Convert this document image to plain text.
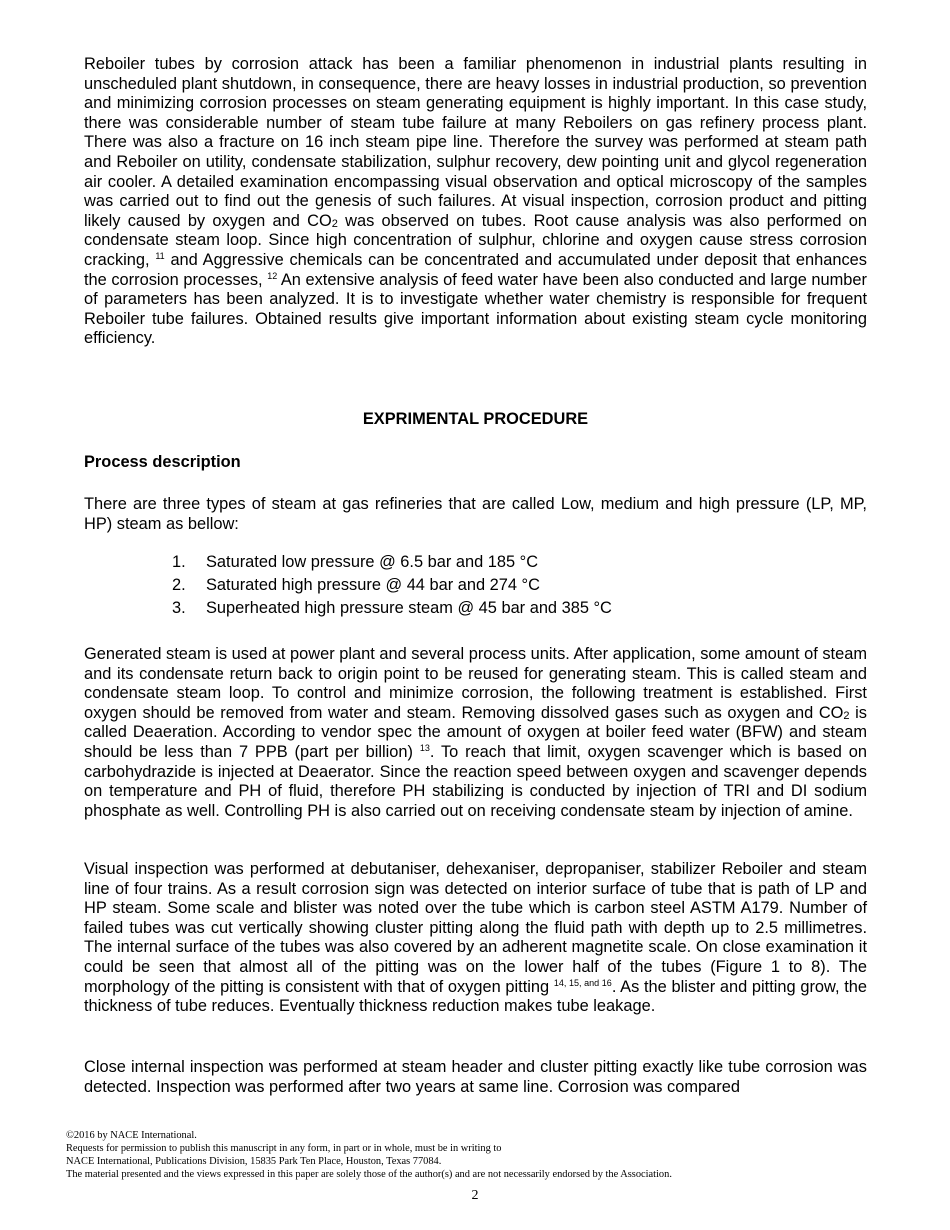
Reboiler tubes by corrosion attack has been a familiar phenomenon in industrial plants resulting in unscheduled plant shutdown, in consequence, there are heavy losses in industrial production, so prevention and minimizing corrosion processes on steam generating equipment is highly important. In this case study, there was considerable number of steam tube failure at many Reboilers on gas refinery process plant. There was also a fracture on 16 inch steam pipe line. Therefore the survey was performed at steam path and Reboiler on utility, condensate stabilization, sulphur recovery, dew pointing unit and glycol regeneration air cooler. A detailed examination encompassing visual observation and optical microscopy of the samples was carried out to find out the genesis of such failures. At visual inspection, corrosion product and pitting likely caused by oxygen and $CO_2$ was observed on tubes. Root cause analysis was also performed on condensate steam loop. Since high concentration of sulphur, chlorine and oxygen cause stress corrosion cracking, $^{11}$ and Aggressive chemicals can be concentrated and accumulated under deposit that enhances the corrosion processes, $^{12}$ An extensive analysis of feed water have been also conducted and large number of parameters has been analyzed. It is to investigate whether water chemistry is responsible for frequent Reboiler tube failures. Obtained results give important information about existing steam cycle monitoring efficiency.

EXPRIMENTAL PROCEDURE

Process description

There are three types of steam at gas refineries that are called Low, medium and high pressure (LP, MP, HP) steam as bellow:

1. Saturated low pressure @ 6.5 bar and 185 °C
2. Saturated high pressure @ 44 bar and 274 °C
3. Superheated high pressure steam @ 45 bar and 385 °C

Generated steam is used at power plant and several process units. After application, some amount of steam and its condensate return back to origin point to be reused for generating steam. This is called steam and condensate steam loop. To control and minimize corrosion, the following treatment is established. First oxygen should be removed from water and steam. Removing dissolved gases such as oxygen and $CO_2$ is called Deaeration. According to vendor spec the amount of oxygen at boiler feed water (BFW) and steam should be less than 7 PPB (part per billion) $^{13}$. To reach that limit, oxygen scavenger which is based on carbohydrazide is injected at Deaerator. Since the reaction speed between oxygen and scavenger depends on temperature and PH of fluid, therefore PH stabilizing is conducted by injection of TRI and DI sodium phosphate as well. Controlling PH is also carried out on receiving condensate steam by injection of amine.

Visual inspection was performed at debutaniser, dehexaniser, depropaniser, stabilizer Reboiler and steam line of four trains. As a result corrosion sign was detected on interior surface of tube that is path of LP and HP steam. Some scale and blister was noted over the tube which is carbon steel ASTM A179. Number of failed tubes was cut vertically showing cluster pitting along the fluid path with depth up to 2.5 millimetres. The internal surface of the tubes was also covered by an adherent magnetite scale. On close examination it could be seen that almost all of the pitting was on the lower half of the tubes (Figure 1 to 8). The morphology of the pitting is consistent with that of oxygen pitting $^{14, 15, and 16}$. As the blister and pitting grow, the thickness of tube reduces. Eventually thickness reduction makes tube leakage.

Close internal inspection was performed at steam header and cluster pitting exactly like tube corrosion was detected. Inspection was performed after two years at same line. Corrosion was compared

©2016 by NACE International.

Requests for permission to publish this manuscript in any form, in part or in whole, must be in writing to

NACE International, Publications Division, 15835 Park Ten Place, Houston, Texas 77084.

The material presented and the views expressed in this paper are solely those of the author(s) and are not necessarily endorsed by the Association.

2
